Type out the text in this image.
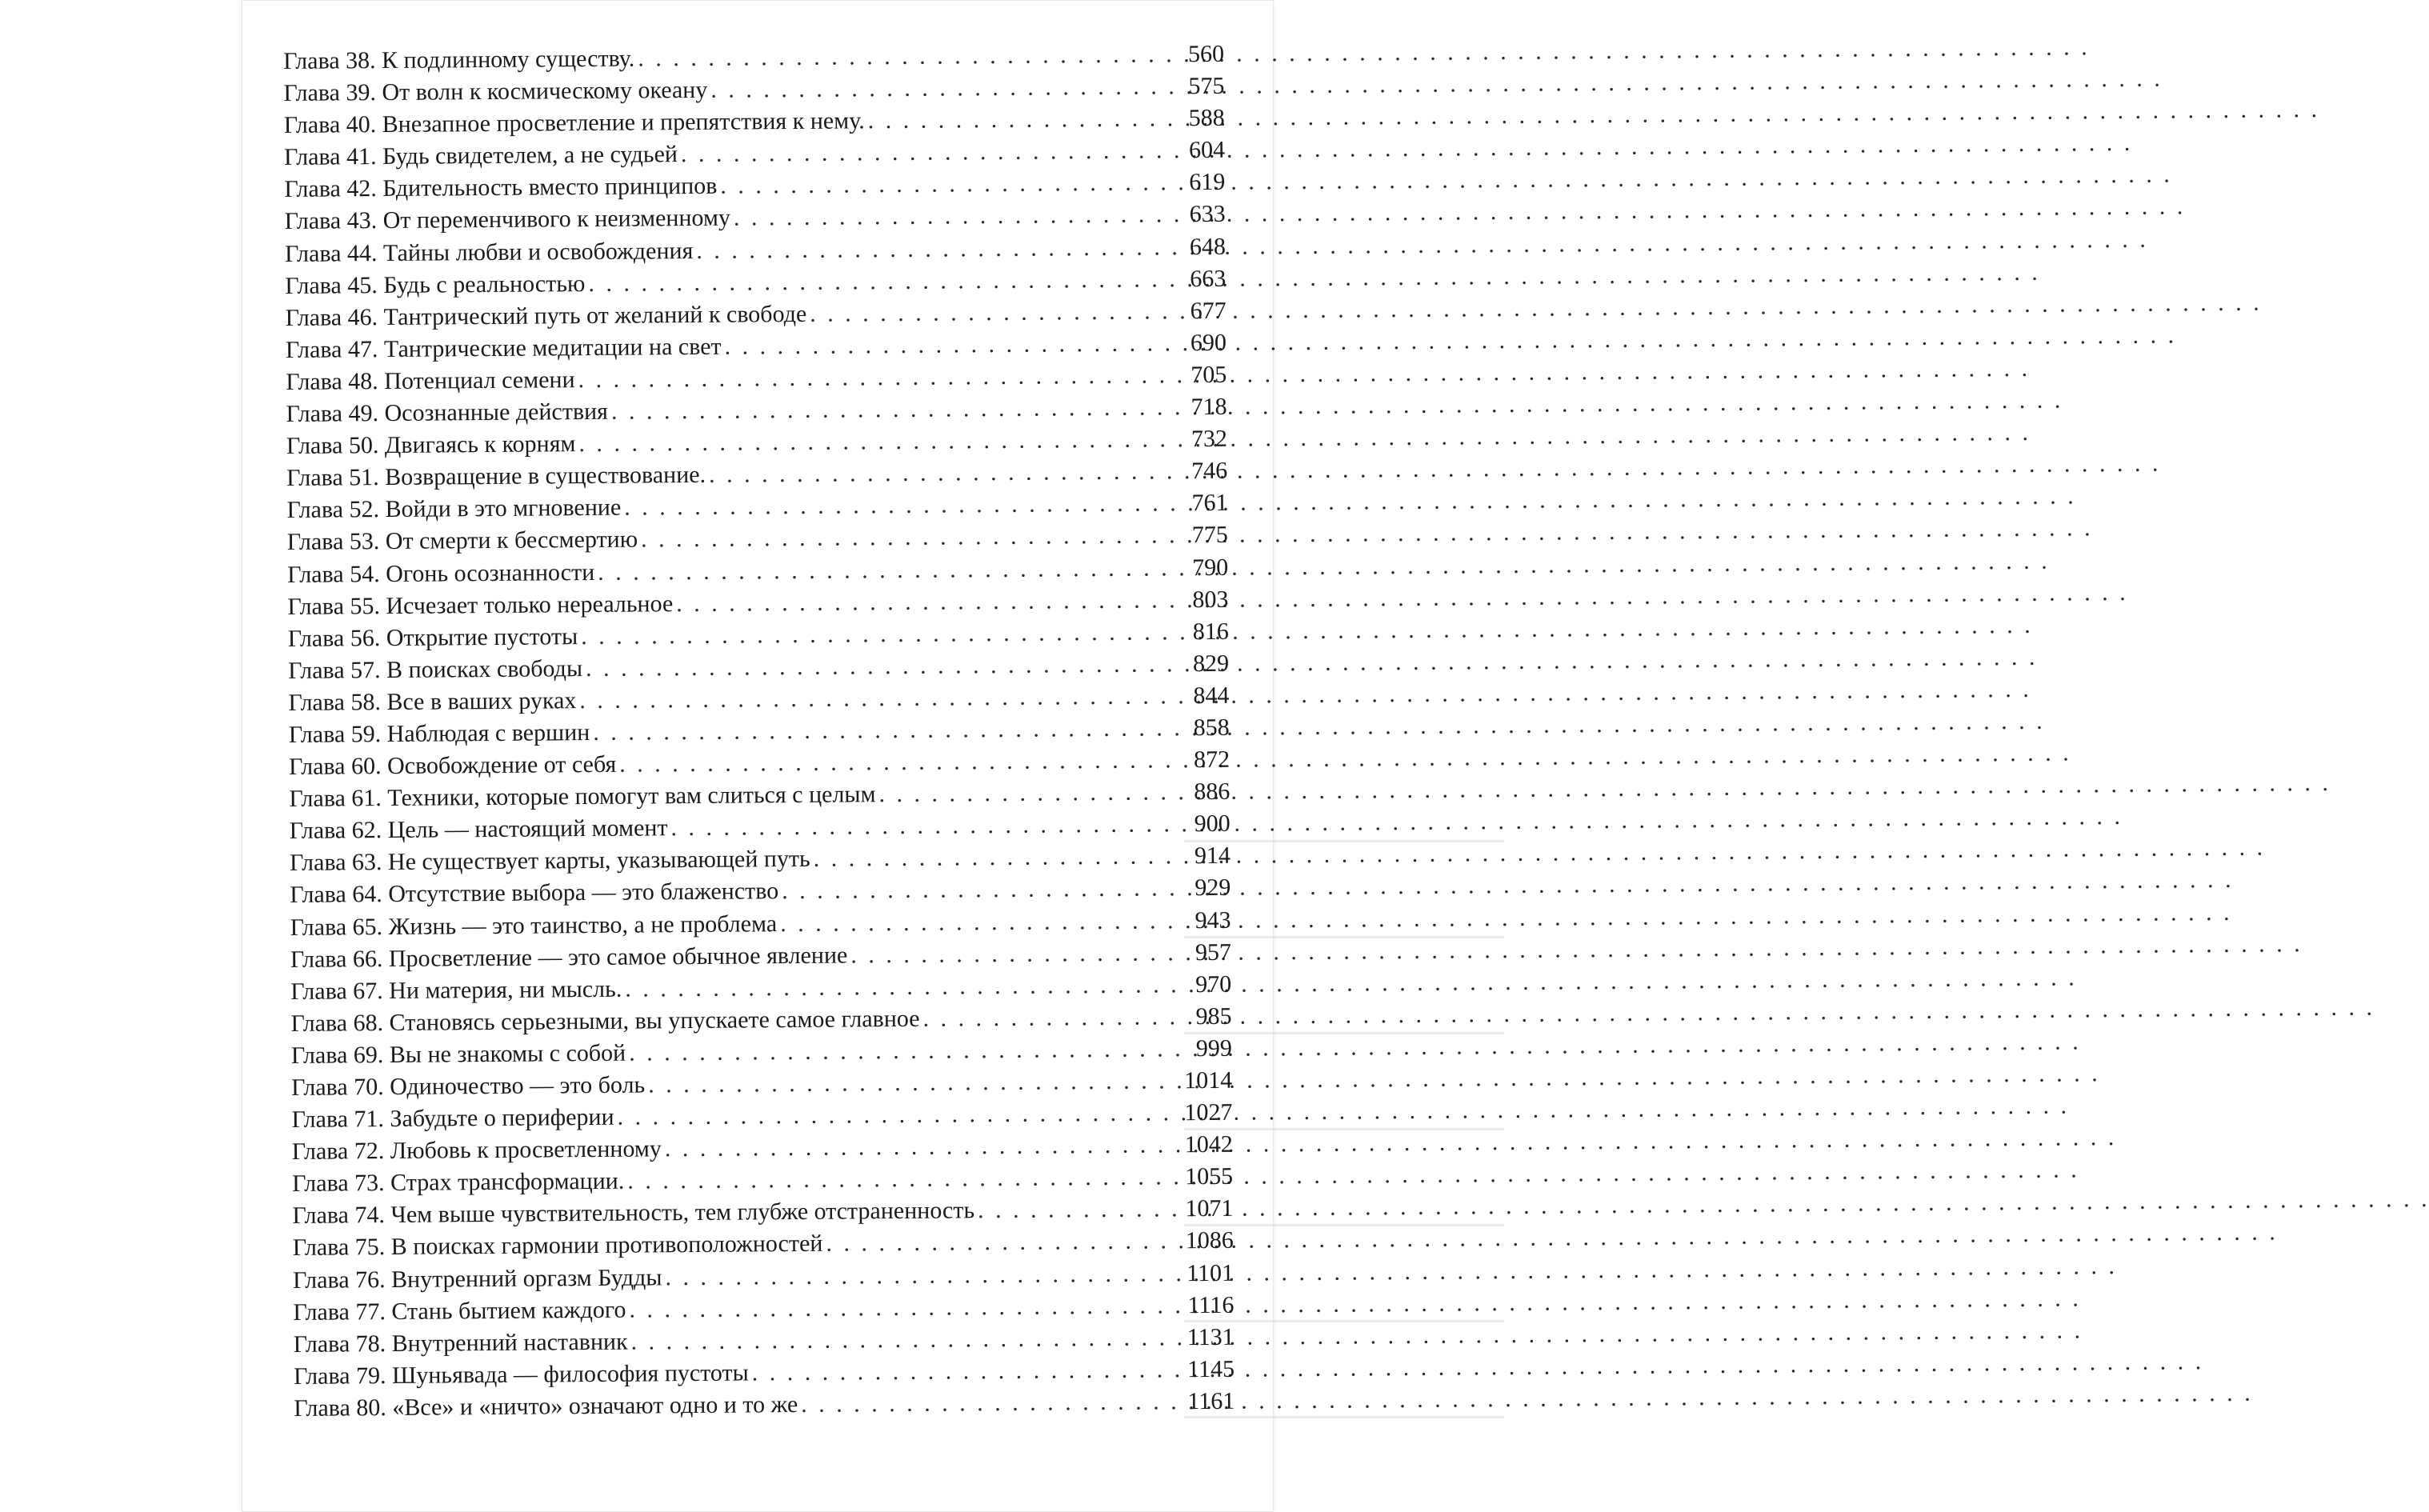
Глава 38. К подлинному существу. . . .	560
Глава 39. От волн к космическому океану . . .	575
Глава 40. Внезапное просветление и препятствия к нему. . . .	588
Глава 41. Будь свидетелем, а не судьей . . .	604
Глава 42. Бдительность вместо принципов . . .	619
Глава 43. От переменчивого к неизменному . . .	633
Глава 44. Тайны любви и освобождения . . .	648
Глава 45. Будь с реальностью . . .	663
Глава 46. Тантрический путь от желаний к свободе . . .	677
Глава 47. Тантрические медитации на свет . . .	690
Глава 48. Потенциал семени . . .	705
Глава 49. Осознанные действия . . .	718
Глава 50. Двигаясь к корням . . .	732
Глава 51. Возвращение в существование. . . .	746
Глава 52. Войди в это мгновение . . .	761
Глава 53. От смерти к бессмертию . . .	775
Глава 54. Огонь осознанности . . .	790
Глава 55. Исчезает только нереальное . . .	803
Глава 56. Открытие пустоты . . .	816
Глава 57. В поисках свободы . . .	829
Глава 58. Все в ваших руках . . .	844
Глава 59. Наблюдая с вершин . . .	858
Глава 60. Освобождение от себя . . .	872
Глава 61. Техники, которые помогут вам слиться с целым . . .	886
Глава 62. Цель — настоящий момент . . .	900
Глава 63. Не существует карты, указывающей путь . . .	914
Глава 64. Отсутствие выбора — это блаженство . . .	929
Глава 65. Жизнь — это таинство, а не проблема . . .	943
Глава 66. Просветление — это самое обычное явление . . .	957
Глава 67. Ни материя, ни мысль. . . .	970
Глава 68. Становясь серьезными, вы упускаете самое главное . . .	985
Глава 69. Вы не знакомы с собой . . .	999
Глава 70. Одиночество — это боль . . .	1014
Глава 71. Забудьте о периферии . . .	1027
Глава 72. Любовь к просветленному . . .	1042
Глава 73. Страх трансформации. . . .	1055
Глава 74. Чем выше чувствительность, тем глубже отстраненность . . .	1071
Глава 75. В поисках гармонии противоположностей . . .	1086
Глава 76. Внутренний оргазм Будды . . .	1101
Глава 77. Стань бытием каждого . . .	1116
Глава 78. Внутренний наставник . . .	1131
Глава 79. Шуньявада — философия пустоты . . .	1145
Глава 80. «Все» и «ничто» означают одно и то же . . .	1161
